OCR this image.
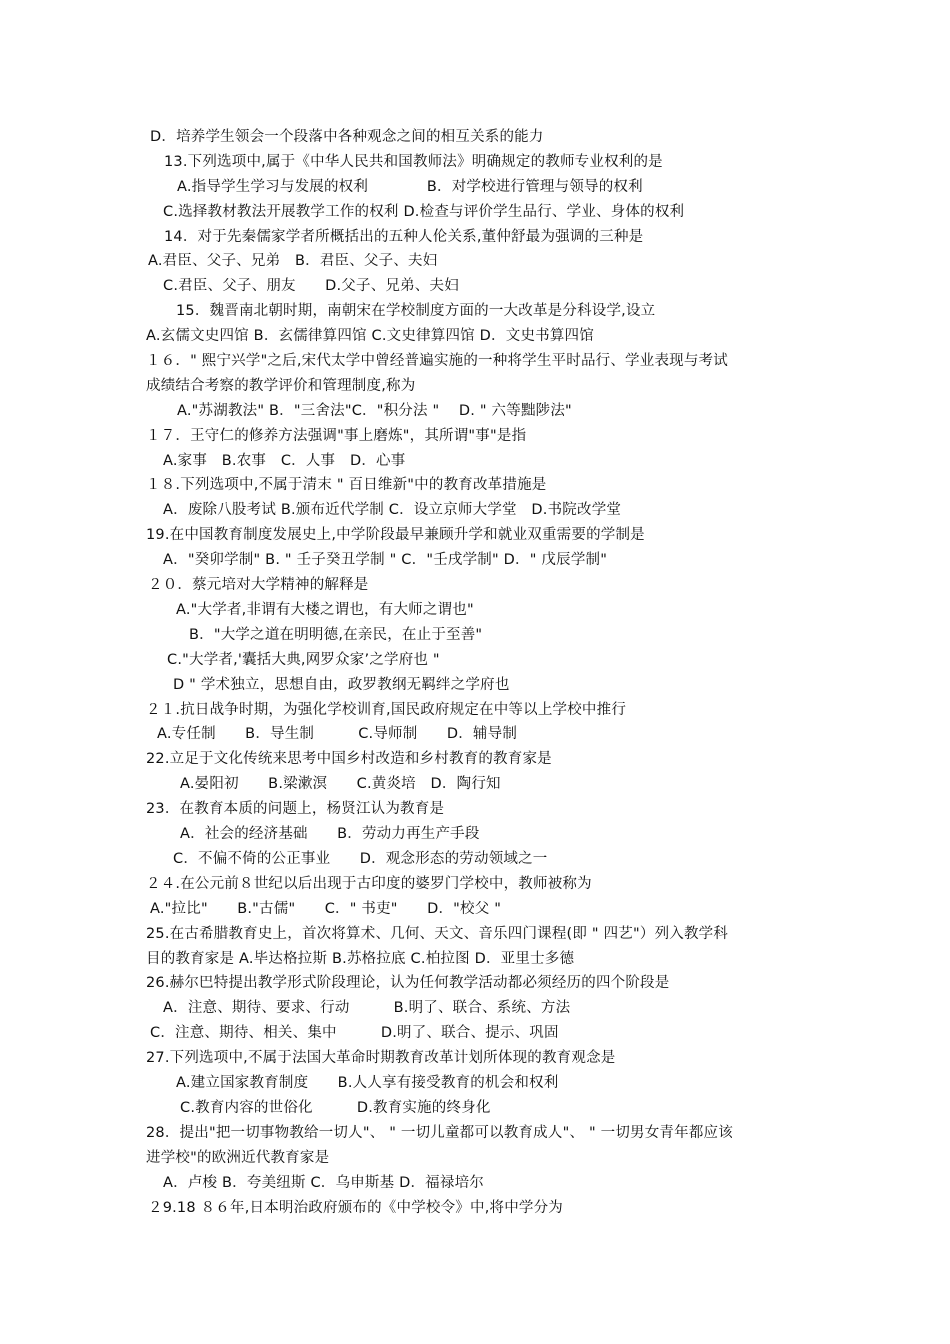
D．培养学生领会一个段落中各种观念之间的相互关系的能力
13.下列选项中,属于《中华人民共和国教师法》明确规定的教师专业权利的是
A.指导学生学习与发展的权利　　　　B．对学校进行管理与领导的权利
C.选择教材教法开展教学工作的权利 D.检查与评价学生品行、学业、身体的权利
14．对于先秦儒家学者所概括出的五种人伦关系,董仲舒最为强调的三种是
A.君臣、父子、兄弟　B．君臣、父子、夫妇
C.君臣、父子、朋友　　D.父子、兄弟、夫妇
15．魏晋南北朝时期，南朝宋在学校制度方面的一大改革是分科设学,设立
A.玄儒文史四馆 B．玄儒律算四馆 C.文史律算四馆 D．文史书算四馆
１６．" 熙宁兴学"之后,宋代太学中曾经普遍实施的一种将学生平时品行、学业表现与考试
成绩结合考察的教学评价和管理制度,称为
A."苏湖教法" B．"三舍法"C．"积分法 "　 D. " 六等黜陟法"
１７．王守仁的修养方法强调"事上磨炼"，其所谓"事"是指
A.家事　B.农事　C．人事　D．心事
１８.下列选项中,不属于清末 " 百日维新"中的教育改革措施是
A．废除八股考试 B.颁布近代学制 C．设立京师大学堂　D.书院改学堂
19.在中国教育制度发展史上,中学阶段最早兼顾升学和就业双重需要的学制是
A．"癸卯学制" B. " 壬子癸丑学制 " C．"壬戌学制" D．" 戊辰学制"
２０．蔡元培对大学精神的解释是
A."大学者,非谓有大楼之谓也，有大师之谓也"
B．"大学之道在明明德,在亲民，在止于至善"
C."大学者,'囊括大典,网罗众家’之学府也 "
D " 学术独立，思想自由，政罗教纲无羁绊之学府也
２１.抗日战争时期，为强化学校训育,国民政府规定在中等以上学校中推行
A.专任制　　B．导生制　　　C.导师制　　D．辅导制
22.立足于文化传统来思考中国乡村改造和乡村教育的教育家是
A.晏阳初　　B.梁漱溟　　C.黄炎培　D．陶行知
23．在教育本质的问题上，杨贤江认为教育是
A．社会的经济基础　　B．劳动力再生产手段
C．不偏不倚的公正事业　　D．观念形态的劳动领域之一
２４.在公元前８世纪以后出现于古印度的婆罗门学校中，教师被称为
A."拉比"　　B."古儒"　　C．" 书吏"　　D．"校父 "
25.在古希腊教育史上，首次将算术、几何、天文、音乐四门课程(即 " 四艺"）列入教学科
目的教育家是 A.毕达格拉斯 B.苏格拉底 C.柏拉图 D．亚里士多德
26.赫尔巴特提出教学形式阶段理论，认为任何教学活动都必须经历的四个阶段是
A．注意、期待、要求、行动　　　B.明了、联合、系统、方法
C．注意、期待、相关、集中　　　D.明了、联合、提示、巩固
27.下列选项中,不属于法国大革命时期教育改革计划所体现的教育观念是
A.建立国家教育制度　　B.人人享有接受教育的机会和权利
C.教育内容的世俗化　　　D.教育实施的终身化
28．提出"把一切事物教给一切人"、 " 一切儿童都可以教育成人"、 " 一切男女青年都应该
进学校"的欧洲近代教育家是
A．卢梭 B．夸美纽斯 C．乌申斯基 D．福禄培尔
２9.18 ８６年,日本明治政府颁布的《中学校令》中,将中学分为
